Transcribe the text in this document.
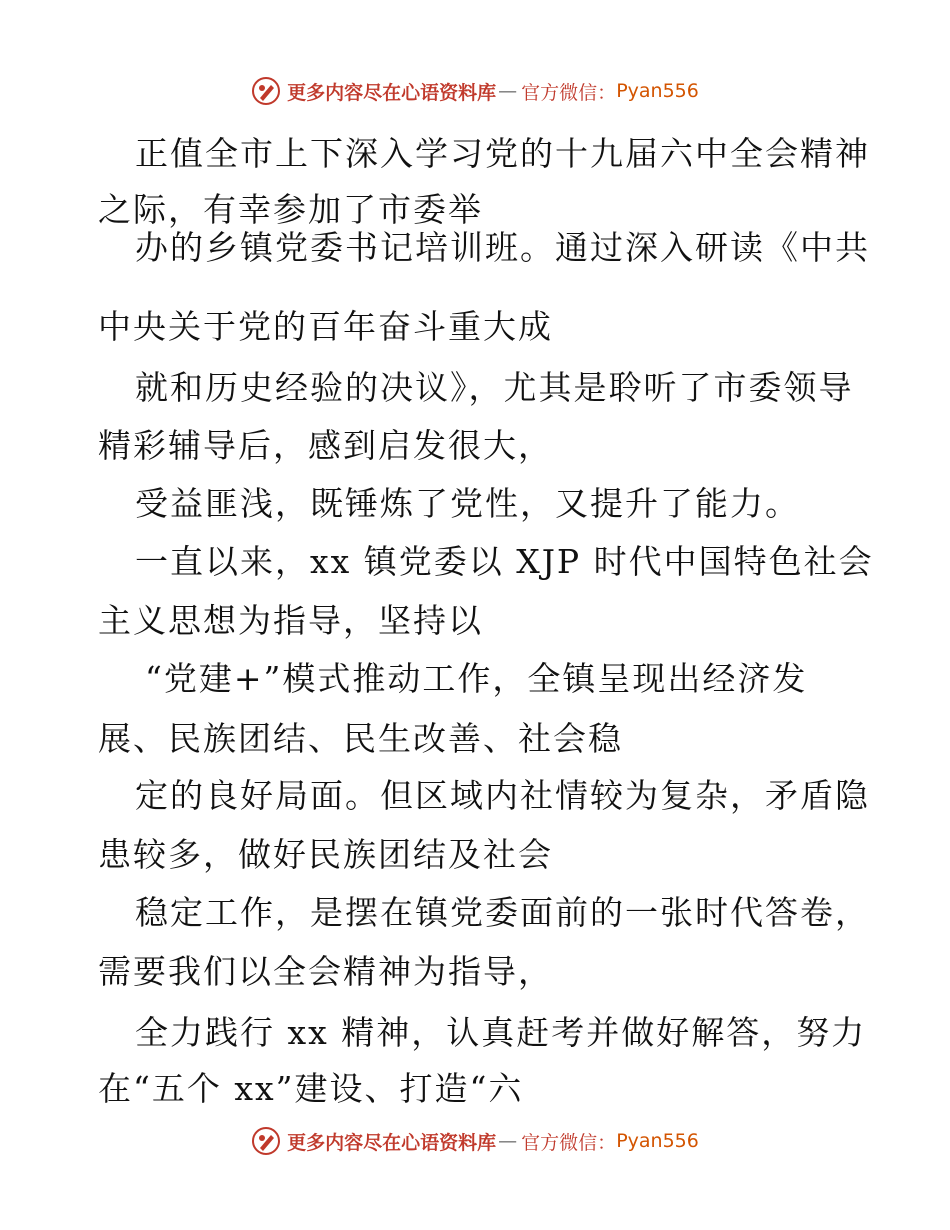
更多内容尽在心语资料库 — 官方微信： Pyan556
正值全市上下深入学习党的十九届六中全会精神
之际，有幸参加了市委举
办的乡镇党委书记培训班。通过深入研读《中共
中央关于党的百年奋斗重大成
就和历史经验的决议》，尤其是聆听了市委领导
精彩辅导后，感到启发很大，
受益匪浅，既锤炼了党性，又提升了能力。
一直以来，xx 镇党委以 XJP 时代中国特色社会
主义思想为指导，坚持以
“党建+”模式推动工作，全镇呈现出经济发
展、民族团结、民生改善、社会稳
定的良好局面。但区域内社情较为复杂，矛盾隐
患较多，做好民族团结及社会
稳定工作，是摆在镇党委面前的一张时代答卷，
需要我们以全会精神为指导，
全力践行 xx 精神，认真赶考并做好解答，努力
在“五个 xx”建设、打造“六
更多内容尽在心语资料库 — 官方微信： Pyan556
